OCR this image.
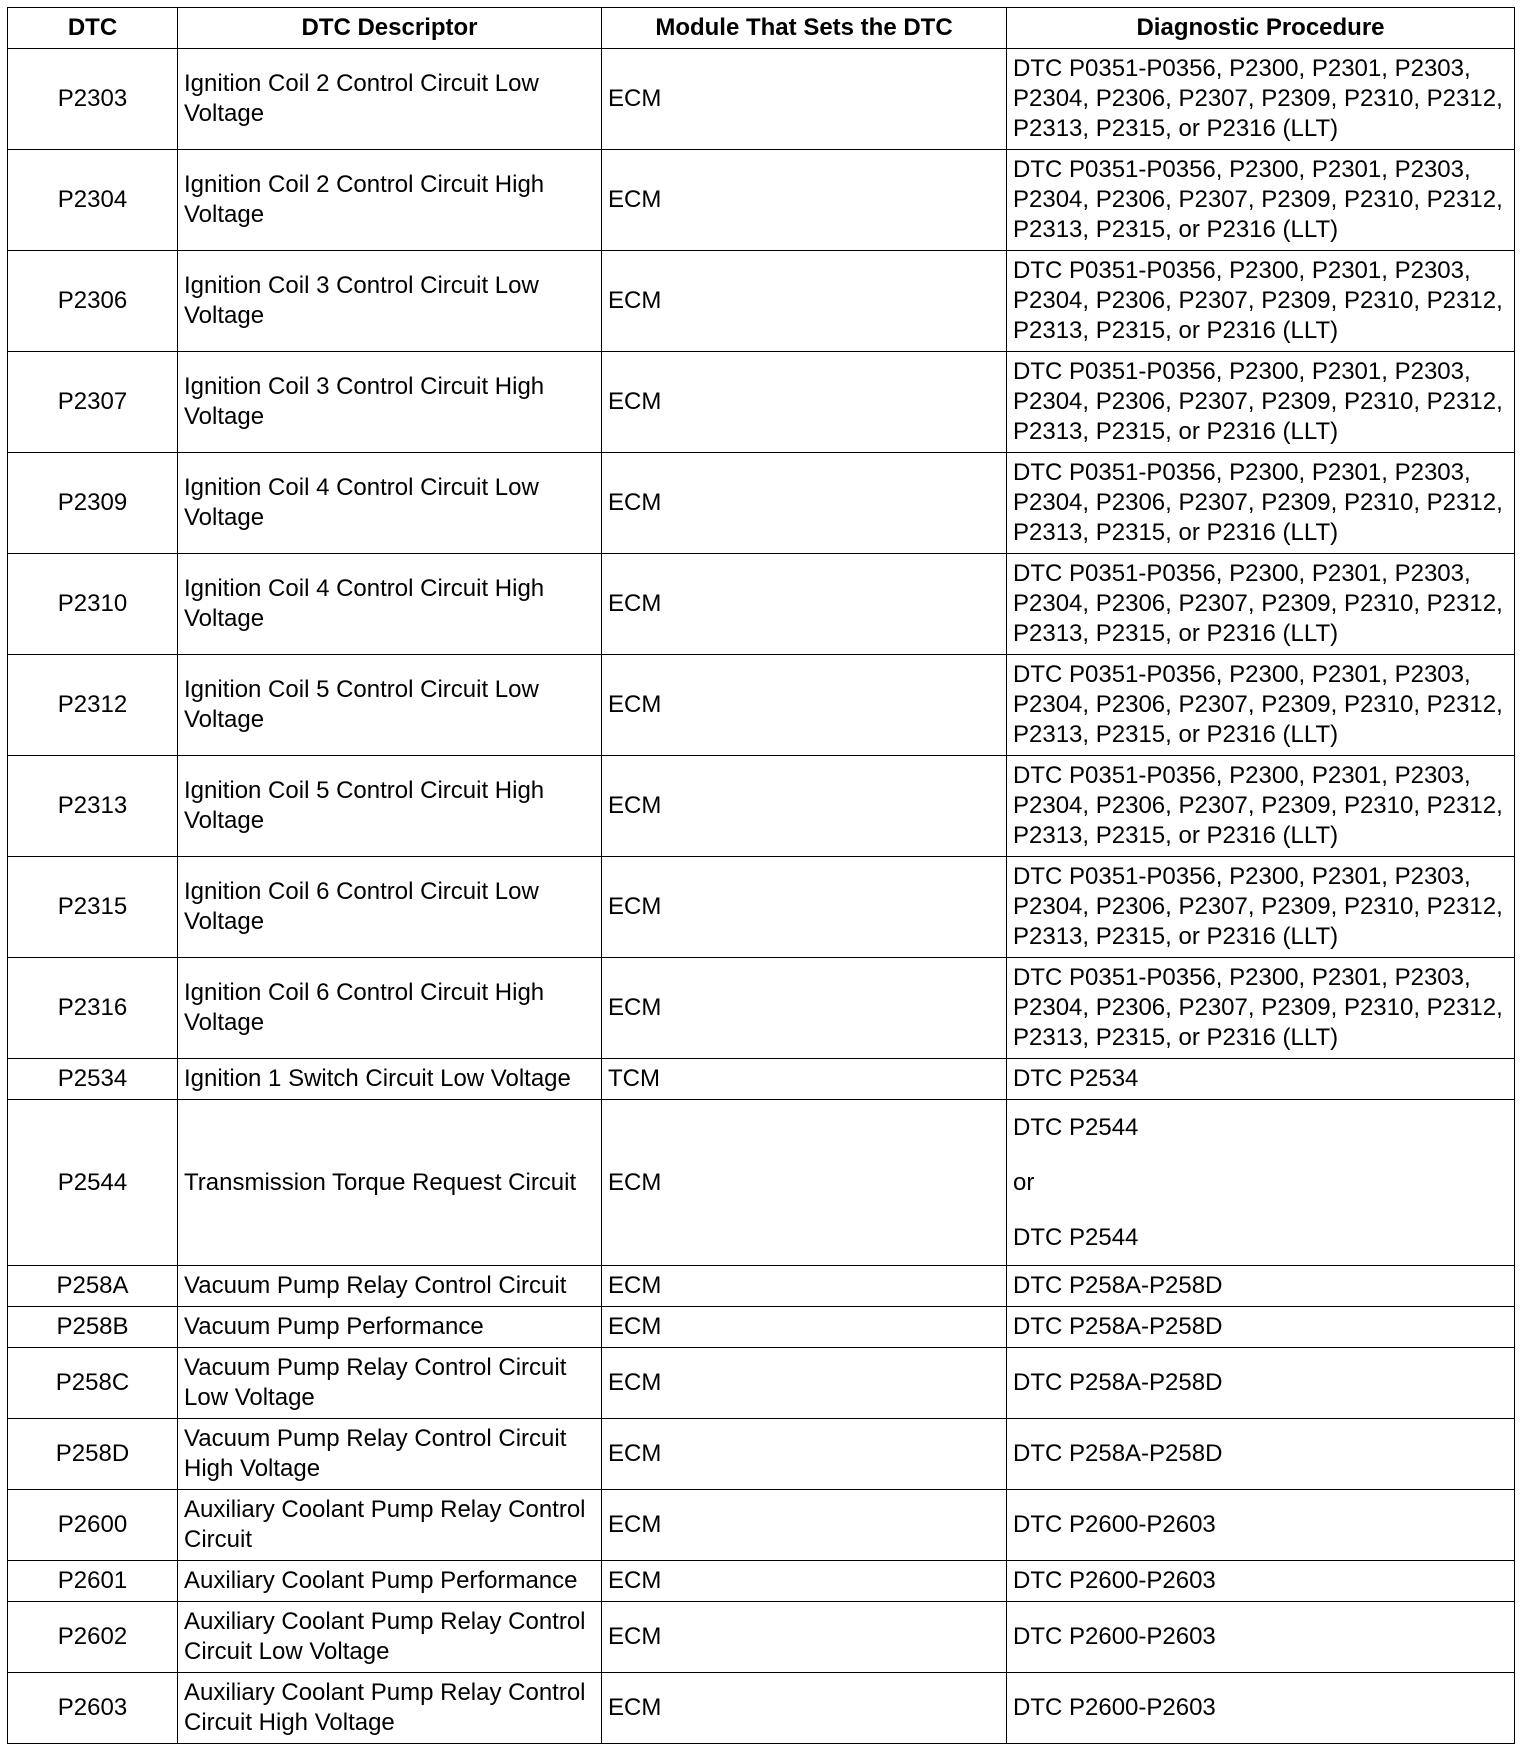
DTC	DTC Descriptor	Module That Sets the DTC	Diagnostic Procedure
P2303	Ignition Coil 2 Control Circuit Low Voltage	ECM	DTC P0351-P0356, P2300, P2301, P2303, P2304, P2306, P2307, P2309, P2310, P2312, P2313, P2315, or P2316 (LLT)
P2304	Ignition Coil 2 Control Circuit High Voltage	ECM	DTC P0351-P0356, P2300, P2301, P2303, P2304, P2306, P2307, P2309, P2310, P2312, P2313, P2315, or P2316 (LLT)
P2306	Ignition Coil 3 Control Circuit Low Voltage	ECM	DTC P0351-P0356, P2300, P2301, P2303, P2304, P2306, P2307, P2309, P2310, P2312, P2313, P2315, or P2316 (LLT)
P2307	Ignition Coil 3 Control Circuit High Voltage	ECM	DTC P0351-P0356, P2300, P2301, P2303, P2304, P2306, P2307, P2309, P2310, P2312, P2313, P2315, or P2316 (LLT)
P2309	Ignition Coil 4 Control Circuit Low Voltage	ECM	DTC P0351-P0356, P2300, P2301, P2303, P2304, P2306, P2307, P2309, P2310, P2312, P2313, P2315, or P2316 (LLT)
P2310	Ignition Coil 4 Control Circuit High Voltage	ECM	DTC P0351-P0356, P2300, P2301, P2303, P2304, P2306, P2307, P2309, P2310, P2312, P2313, P2315, or P2316 (LLT)
P2312	Ignition Coil 5 Control Circuit Low Voltage	ECM	DTC P0351-P0356, P2300, P2301, P2303, P2304, P2306, P2307, P2309, P2310, P2312, P2313, P2315, or P2316 (LLT)
P2313	Ignition Coil 5 Control Circuit High Voltage	ECM	DTC P0351-P0356, P2300, P2301, P2303, P2304, P2306, P2307, P2309, P2310, P2312, P2313, P2315, or P2316 (LLT)
P2315	Ignition Coil 6 Control Circuit Low Voltage	ECM	DTC P0351-P0356, P2300, P2301, P2303, P2304, P2306, P2307, P2309, P2310, P2312, P2313, P2315, or P2316 (LLT)
P2316	Ignition Coil 6 Control Circuit High Voltage	ECM	DTC P0351-P0356, P2300, P2301, P2303, P2304, P2306, P2307, P2309, P2310, P2312, P2313, P2315, or P2316 (LLT)
P2534	Ignition 1 Switch Circuit Low Voltage	TCM	DTC P2534
P2544	Transmission Torque Request Circuit	ECM	DTC P2544
or
DTC P2544

P258A	Vacuum Pump Relay Control Circuit	ECM	DTC P258A-P258D
P258B	Vacuum Pump Performance	ECM	DTC P258A-P258D
P258C	Vacuum Pump Relay Control Circuit Low Voltage	ECM	DTC P258A-P258D
P258D	Vacuum Pump Relay Control Circuit High Voltage	ECM	DTC P258A-P258D
P2600	Auxiliary Coolant Pump Relay Control Circuit	ECM	DTC P2600-P2603
P2601	Auxiliary Coolant Pump Performance	ECM	DTC P2600-P2603
P2602	Auxiliary Coolant Pump Relay Control Circuit Low Voltage	ECM	DTC P2600-P2603
P2603	Auxiliary Coolant Pump Relay Control Circuit High Voltage	ECM	DTC P2600-P2603
